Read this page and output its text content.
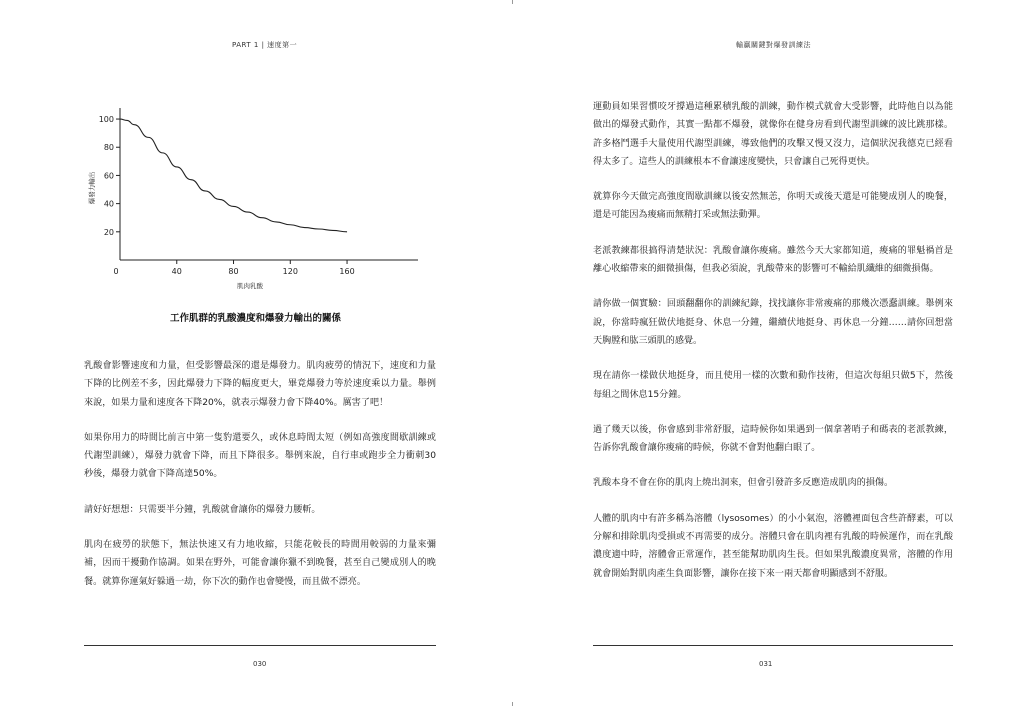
PART 1 | 速度第一
20
40
60
80
100
40	80	120	160
0
爆發力輸出
肌肉乳酸
工作肌群的乳酸濃度和爆發力輸出的關係

乳酸會影響速度和力量，但受影響最深的還是爆發力。肌肉疲勞的情況下，速度和力量下降的比例差不多，因此爆發力下降的幅度更大，畢竟爆發力等於速度乘以力量。舉例來說，如果力量和速度各下降20%，就表示爆發力會下降40%。厲害了吧！

如果你用力的時間比前言中第一隻豹還要久，或休息時間太短（例如高強度間歇訓練或代謝型訓練），爆發力就會下降，而且下降很多。舉例來說，自行車或跑步全力衝刺30秒後，爆發力就會下降高達50%。

請好好想想：只需要半分鐘，乳酸就會讓你的爆發力腰斬。

肌肉在疲勞的狀態下，無法快速又有力地收縮，只能花較長的時間用較弱的力量來彌補，因而干擾動作協調。如果在野外，可能會讓你獵不到晚餐，甚至自己變成別人的晚餐。就算你運氣好躲過一劫，你下次的動作也會變慢，而且做不漂亮。

030
輸贏關鍵對爆發訓練法

運動員如果習慣咬牙撐過這種累積乳酸的訓練，動作模式就會大受影響，此時他自以為能做出的爆發式動作，其實一點都不爆發，就像你在健身房看到代謝型訓練的波比跳那樣。許多格鬥選手大量使用代謝型訓練，導致他們的攻擊又慢又沒力，這個狀況我德克已經看得太多了。這些人的訓練根本不會讓速度變快，只會讓自己死得更快。

就算你今天做完高強度間歇訓練以後安然無恙，你明天或後天還是可能變成別人的晚餐，還是可能因為痠痛而無精打采或無法動彈。

老派教練都很搞得清楚狀況：乳酸會讓你痠痛。雖然今天大家都知道，痠痛的罪魁禍首是離心收縮帶來的細微損傷，但我必須說，乳酸帶來的影響可不輸給肌纖維的細微損傷。

請你做一個實驗：回頭翻翻你的訓練紀錄，找找讓你非常痠痛的那幾次憑蠢訓練。舉例來說，你當時瘋狂做伏地挺身、休息一分鐘，繼續伏地挺身、再休息一分鐘……請你回想當天胸膛和肱三頭肌的感覺。

現在請你一樣做伏地挺身，而且使用一樣的次數和動作技術，但這次每組只做5下，然後每組之間休息15分鐘。

過了幾天以後，你會感到非常舒服，這時候你如果遇到一個拿著哨子和碼表的老派教練，告訴你乳酸會讓你痠痛的時候，你就不會對他翻白眼了。

乳酸本身不會在你的肌肉上燒出洞來，但會引發許多反應造成肌肉的損傷。

人體的肌肉中有許多稱為溶體（lysosomes）的小小氣泡，溶體裡面包含些許酵素，可以分解和排除肌肉受損或不再需要的成分。溶體只會在肌肉裡有乳酸的時候運作，而在乳酸濃度適中時，溶體會正常運作，甚至能幫助肌肉生長。但如果乳酸濃度異常，溶體的作用就會開始對肌肉產生負面影響，讓你在接下來一兩天都會明顯感到不舒服。

031
